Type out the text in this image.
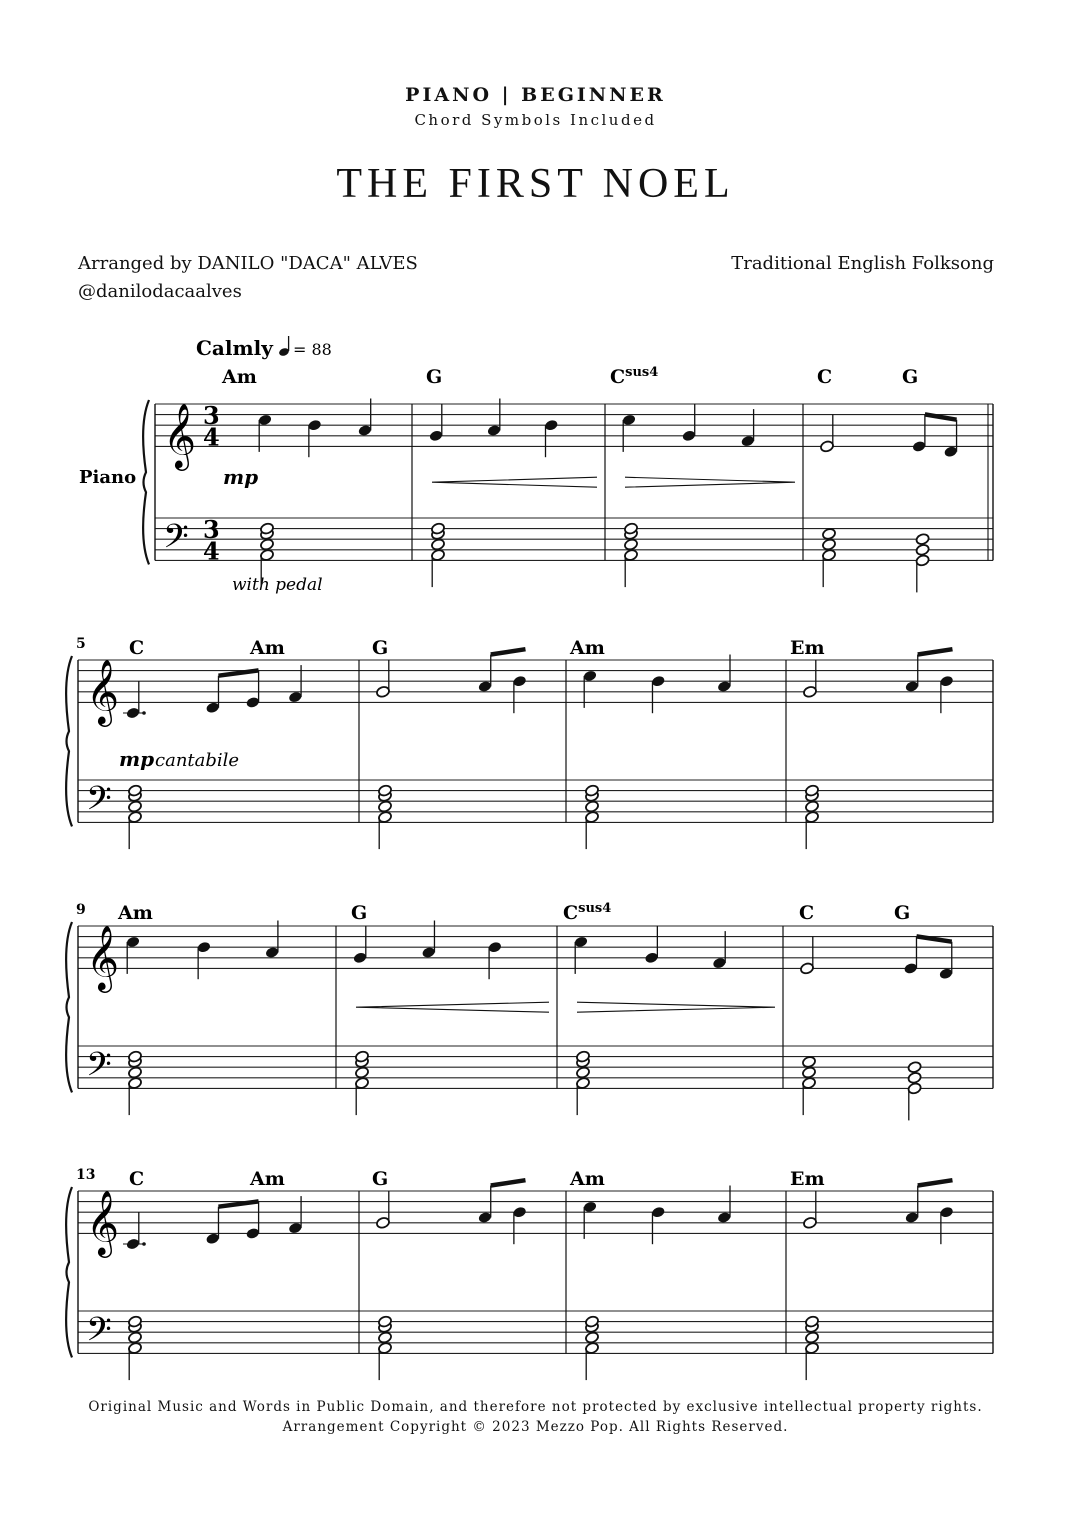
PIANO | BEGINNER
Chord Symbols Included
THE FIRST NOEL
Arranged by DANILO "DACA" ALVES
@danilodacaalves
Traditional English Folksong
Calmly = 88
Piano	mp
with pedal
mp cantabile
𝄞
𝄢
3
4
3
4
Am	G	$C^{sus4}$	C	G
𝄞
𝄢
5 C	Am	G	Am	Em
𝄞
𝄢
9 Am	G	$C^{sus4}$	C	G
𝄞
𝄢
13 C	Am	G	Am	Em
Original Music and Words in Public Domain, and therefore not protected by exclusive intellectual property rights.
Arrangement Copyright © 2023 Mezzo Pop. All Rights Reserved.
